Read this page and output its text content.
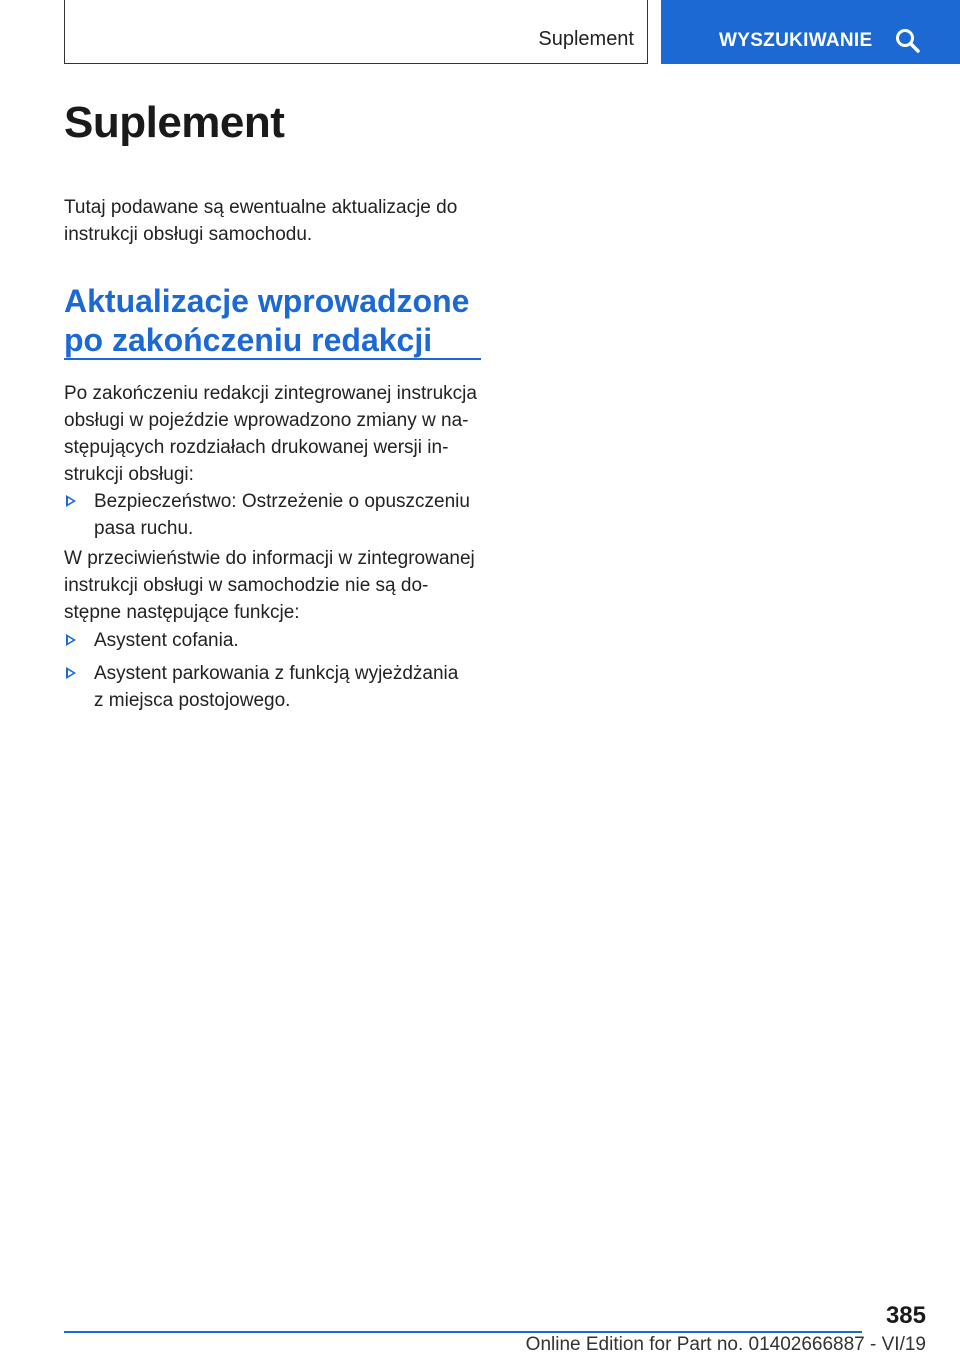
Suplement	WYSZUKIWANIE
Suplement
Tutaj podawane są ewentualne aktualizacje do
instrukcji obsługi samochodu.
Aktualizacje wprowadzone
po zakończeniu redakcji
Po zakończeniu redakcji zintegrowanej instrukcja
obsługi w pojeździe wprowadzono zmiany w na-
stępujących rozdziałach drukowanej wersji in-
strukcji obsługi:
Bezpieczeństwo: Ostrzeżenie o opuszczeniu
pasa ruchu.
W przeciwieństwie do informacji w zintegrowanej
instrukcji obsługi w samochodzie nie są do-
stępne następujące funkcje:
Asystent cofania.
Asystent parkowania z funkcją wyjeżdżania
z miejsca postojowego.
385
Online Edition for Part no. 01402666887 - VI/19
